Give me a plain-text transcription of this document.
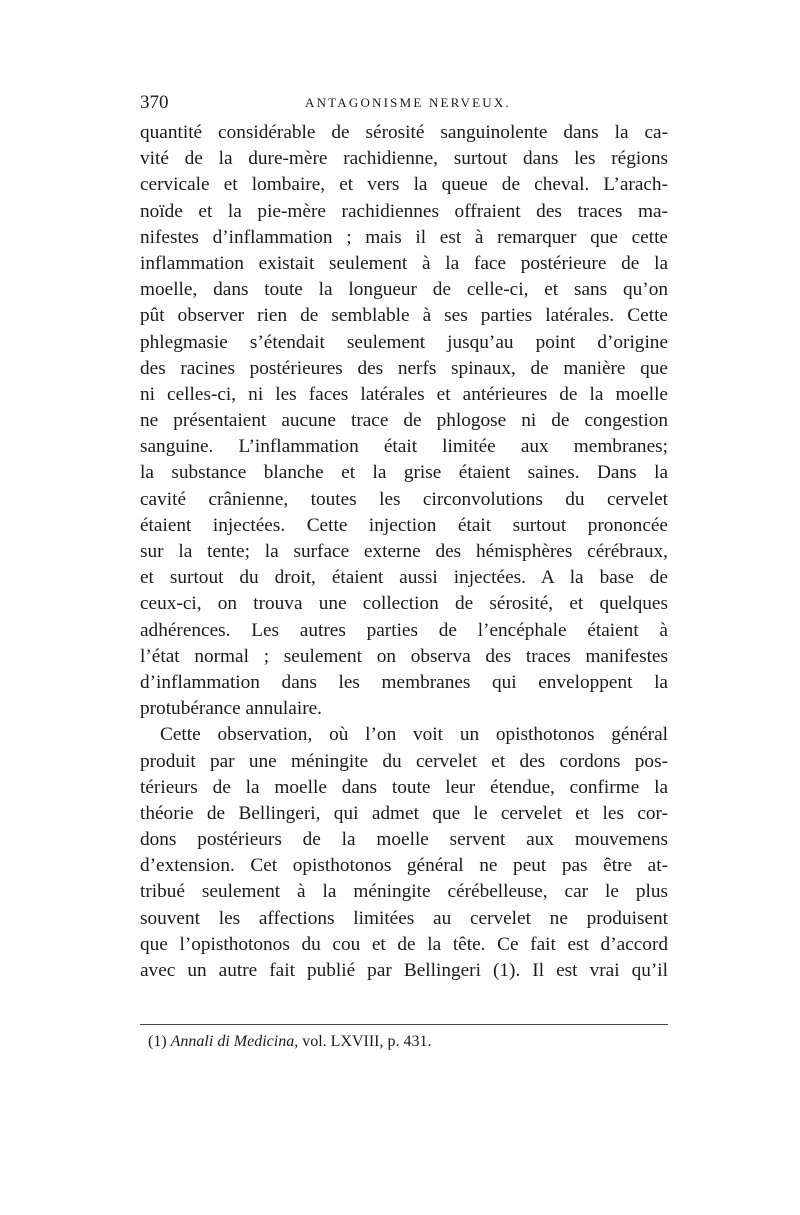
370	ANTAGONISME NERVEUX.
quantité considérable de sérosité sanguinolente dans la ca-
vité de la dure-mère rachidienne, surtout dans les régions
cervicale et lombaire, et vers la queue de cheval. L’arach-
noïde et la pie-mère rachidiennes offraient des traces ma-
nifestes d’inflammation ; mais il est à remarquer que cette
inflammation existait seulement à la face postérieure de la
moelle, dans toute la longueur de celle-ci, et sans qu’on
pût observer rien de semblable à ses parties latérales. Cette
phlegmasie s’étendait seulement jusqu’au point d’origine
des racines postérieures des nerfs spinaux, de manière que
ni celles-ci, ni les faces latérales et antérieures de la moelle
ne présentaient aucune trace de phlogose ni de congestion
sanguine. L’inflammation était limitée aux membranes;
la substance blanche et la grise étaient saines. Dans la
cavité crânienne, toutes les circonvolutions du cervelet
étaient injectées. Cette injection était surtout prononcée
sur la tente; la surface externe des hémisphères cérébraux,
et surtout du droit, étaient aussi injectées. A la base de
ceux-ci, on trouva une collection de sérosité, et quelques
adhérences. Les autres parties de l’encéphale étaient à
l’état normal ; seulement on observa des traces manifestes
d’inflammation dans les membranes qui enveloppent la
protubérance annulaire.
Cette observation, où l’on voit un opisthotonos général
produit par une méningite du cervelet et des cordons pos-
térieurs de la moelle dans toute leur étendue, confirme la
théorie de Bellingeri, qui admet que le cervelet et les cor-
dons postérieurs de la moelle servent aux mouvemens
d’extension. Cet opisthotonos général ne peut pas être at-
tribué seulement à la méningite cérébelleuse, car le plus
souvent les affections limitées au cervelet ne produisent
que l’opisthotonos du cou et de la tête. Ce fait est d’accord
avec un autre fait publié par Bellingeri (1). Il est vrai qu’il
(1) Annali di Medicina, vol. LXVIII, p. 431.
